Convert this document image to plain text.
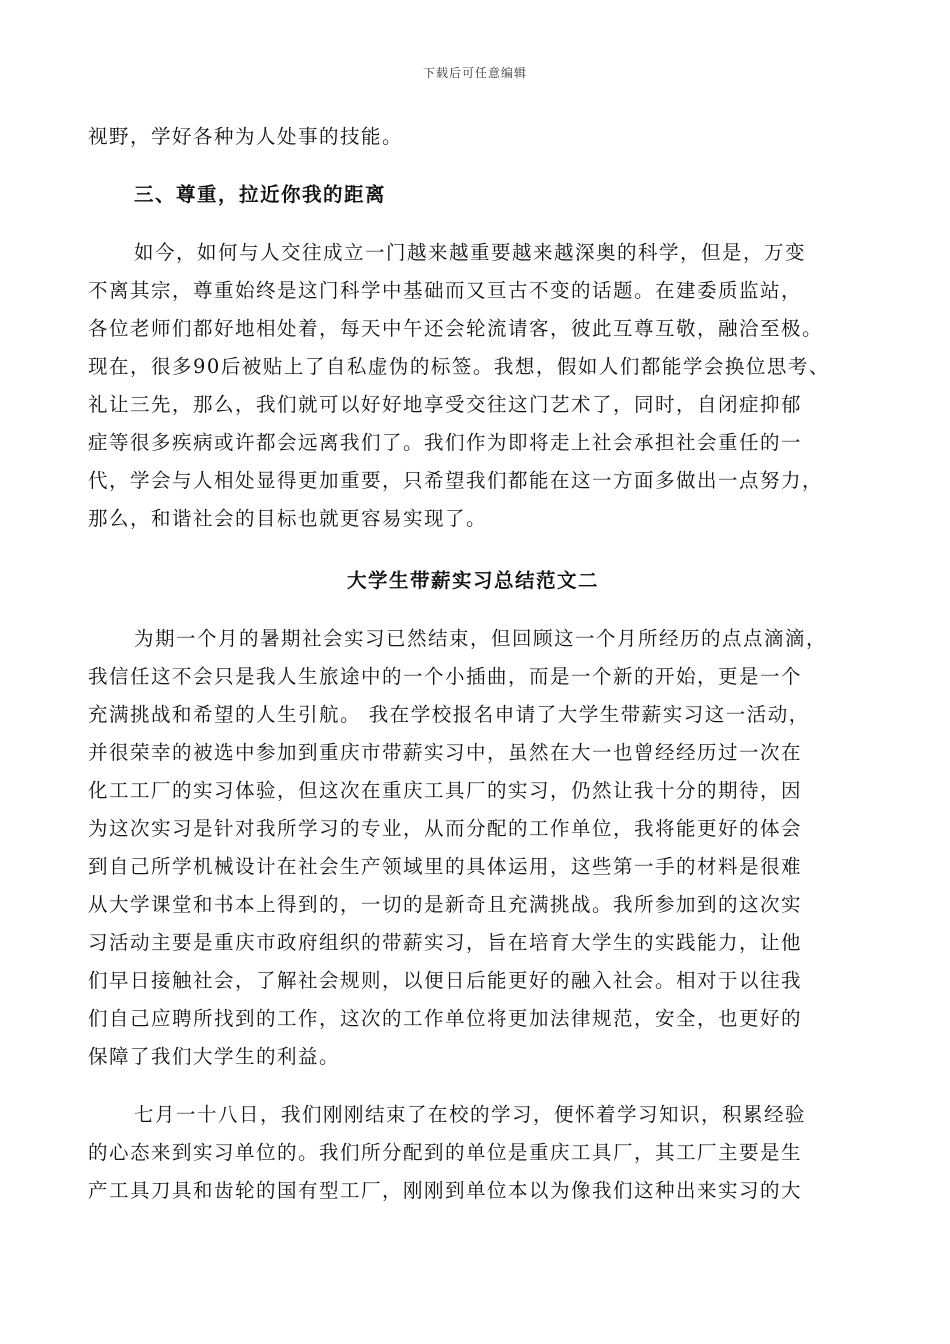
下载后可任意编辑
视野，学好各种为人处事的技能。
三、尊重，拉近你我的距离
如今，如何与人交往成立一门越来越重要越来越深奥的科学，但是，万变
不离其宗，尊重始终是这门科学中基础而又亘古不变的话题。在建委质监站，
各位老师们都好地相处着，每天中午还会轮流请客，彼此互尊互敬，融洽至极。
现在，很多90后被贴上了自私虚伪的标签。我想，假如人们都能学会换位思考、
礼让三先，那么，我们就可以好好地享受交往这门艺术了，同时，自闭症抑郁
症等很多疾病或许都会远离我们了。我们作为即将走上社会承担社会重任的一
代，学会与人相处显得更加重要，只希望我们都能在这一方面多做出一点努力，
那么，和谐社会的目标也就更容易实现了。
大学生带薪实习总结范文二
为期一个月的暑期社会实习已然结束，但回顾这一个月所经历的点点滴滴，
我信任这不会只是我人生旅途中的一个小插曲，而是一个新的开始，更是一个
充满挑战和希望的人生引航。 我在学校报名申请了大学生带薪实习这一活动，
并很荣幸的被选中参加到重庆市带薪实习中，虽然在大一也曾经经历过一次在
化工工厂的实习体验，但这次在重庆工具厂的实习，仍然让我十分的期待，因
为这次实习是针对我所学习的专业，从而分配的工作单位，我将能更好的体会
到自己所学机械设计在社会生产领域里的具体运用，这些第一手的材料是很难
从大学课堂和书本上得到的，一切的是新奇且充满挑战。我所参加到的这次实
习活动主要是重庆市政府组织的带薪实习，旨在培育大学生的实践能力，让他
们早日接触社会，了解社会规则，以便日后能更好的融入社会。相对于以往我
们自己应聘所找到的工作，这次的工作单位将更加法律规范，安全，也更好的
保障了我们大学生的利益。
七月一十八日，我们刚刚结束了在校的学习，便怀着学习知识，积累经验
的心态来到实习单位的。我们所分配到的单位是重庆工具厂，其工厂主要是生
产工具刀具和齿轮的国有型工厂，刚刚到单位本以为像我们这种出来实习的大
